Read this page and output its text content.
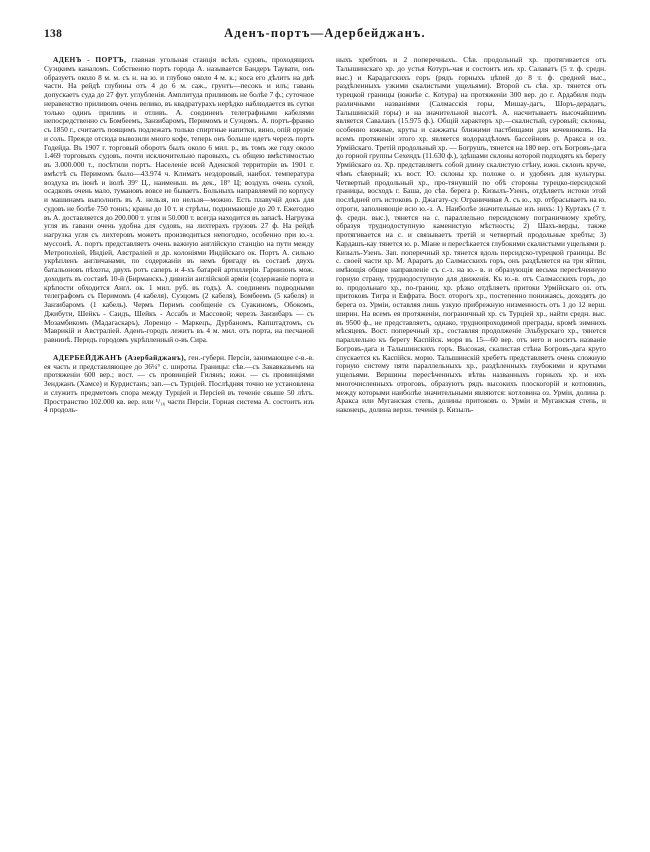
138	Аденъ-портъ—Адербейджанъ.

АДЕНЪ - ПОРТЪ, главная угольная станція всѣхъ судовъ, проходящихъ Суэцкимъ каналомъ. Собственно портъ города А. называется Бандеръ Таувати, онъ образуетъ около 8 м. м. съ н. на ю. и глубоко около 4 м. к.; коса его дѣлитъ на двѣ части. На рейдѣ глубины отъ 4 до 6 м. саж., грунтъ—песокъ и илъ; гавань допускаетъ суда до 27 фут. углубленія. Амплитуда приливовъ не болѣе 7 ф.; суточное неравенство приливовъ очень велико, въ квадратурахъ нерѣдко наблюдается въ сутки только одинъ приливъ и отливъ. А. соединенъ телеграфными кабелями непосредственно съ Бомбеемъ, Занзибаромъ, Перимомъ и Суэцомъ. А. портъ-франко съ 1850 г., считаетъ поящимъ подлежатъ только спиртные напитки, вино, опій оружіе и соль. Прежде отсюда вывозили много кофе, теперь онъ больше идетъ черезъ портъ Годейда. Въ 1907 г. торговый оборотъ былъ около 6 мил. р., въ томъ же году около 1.469 торговыхъ судовъ, почти исключительно паровыхъ, съ общею вмѣстимостью въ 3.000.000 т., посѣтили портъ. Населеніе всей Аденской территоріи въ 1901 г. вмѣстѣ съ Перимомъ было—43.974 ч. Климатъ нездоровый, наибол. температура воздуха въ іюнѣ и іюлѣ 39° Ц., наименьш. въ дек., 18° Ц; воздухъ очень сухой, осадковъ очень мало, тумановъ вовсе не бываетъ. Больныхъ направляемй по корпусу и машинамъ выполнить въ А. нельзя, но нельзя—можно. Есть плавучій докъ для судовъ не болѣе 750 тоннъ; краны до 10 т. и стрѣлы, поднимающіе до 20 т. Ежегодно въ А. доставляется до 200.000 т. угля и 50.000 т. всегда находится въ запасѣ. Нагрузка угля въ гавани очень удобна для судовъ, на лихтерахъ грузовъ 27 ф. На рейдѣ нагрузка угля съ лихтеровъ можетъ производиться непогодно, особенно при ю.-з. муссонѣ. А. портъ представляетъ очень важную англійскую станцію на пути между Метрополіей, Индіей, Австраліей и др. колоніями Индійскаго ок. Портъ А. сильно укрѣпленъ англичанами, по содержаніи въ немъ бригаду въ составѣ двухъ батальоновъ пѣхоты, двухъ ротъ саперъ и 4-хъ батарей артиллеріи. Гарнизонъ мож. доходить въ составѣ 10-й (Бирманскъ.) дивизіи англійской арміи (содержаніе порта и крѣпости обходится Англ. ок. 1 мил. руб. въ годъ). А. соединенъ подводными телеграфомъ съ Перимомъ (4 кабеля), Суэцомъ (2 кабеля), Бомбеемъ (5 кабеля) и Занзибаромъ (1 кабель). Чермъ Перимъ сообщеніе съ Суакиномъ, Обокомъ, Джибути, Шейкъ - Саидъ, Шейкъ - Ассабъ и Массовой; черезъ Занзибаръ — съ Мозамбикомъ (Мадагаскаръ), Лоренцо - Маркецъ, Дурбаномъ, Капштадтомъ, съ Маврикій и Австраліей. Аденъ-городъ лежитъ въ 4 м. мил. отъ порта, на песчаной равнинѣ. Передъ городомъ укрѣпленный о-въ Сира.

АДЕРБЕЙДЖАНЪ (Азербайджанъ), ген.-губерн. Персіи, занимающее с-в.-в. ея часть и представляющее до 36¼° с. широты. Границы: сѣв.—съ Закавказьемъ на протяженіи 600 вер.; вост. — съ провинціей Гилянъ; южн. — съ провинціями Зенджанъ (Хамсе) и Курдистанъ; зап.—съ Турціей. Послѣдняя точно не установлена и служитъ предметомъ спора между Турціей и Персіей въ теченіе свыше 50 лѣтъ. Пространство 102.000 кв. вер. или ¹/₁₆ части Персіи. Горная система А. состоитъ изъ 4 продоль-

ныхъ хребтовъ и 2 поперечныхъ. Сѣв. продольный хр. протягивается отъ Талышинскаго хр. до устья Котуръ-чая и состоитъ изъ хр. Салаватъ (5 т. ф. средн. выс.) и Карадагскихъ горъ (рядъ горныхъ цѣпей до 8 т. ф. средней выс., раздѣленныхъ узкими скалистыми ущельями). Второй съ сѣв. хр. тянется отъ турецкой границы (южнѣе с. Котура) на протяженіи 300 вер. до г. Ардабиля подъ различными названіями (Салмасскія горы, Мишау-дагъ, Шоръ-дерадагъ, Талышинскій горы) и на значительной высотѣ. А. насчитываетъ высочайшимъ является Саваланъ (15.975 ф.). Общій характеръ хр.—скалистый, суровый; склоны, особенно южные, круты и сажжаты ближими пастбищами для кочевниковъ. На всемъ протяженіи этого хр. является водораздѣломъ бассейновъ р. Аракса и оз. Урмійскаго. Третій продольный хр. — Богрушъ, тянется на 180 вер. отъ Богровъ-дага до горной группы Сехендъ (11.630 ф.), здѣшами склоны которой подходятъ къ берегу Урмійскаго оз. Хр. представляетъ собой длину скалистую стѣну, южн. склонъ круче, чѣмъ сѣверный; къ вост. Ю. склоны хр. положе о. и удобенъ для культуры. Четвертый продольный хр., про-тянувшій по обѣ стороны турецко-персидской границы, восходъ г. Баша, до сѣв. берега р. Кизылъ-Узенъ, отдѣляетъ истоки этой послѣдней отъ истоковъ р. Джагату-су. Ограничивая А. съ ю., хр. отбрасываетъ на ю. отроги, заполняющіе всю ю.-з. А. Наиболѣе значительные изъ нихъ: 1) Куртакъ (7 т. ф. средн. выс.), тянется на с. параллельно персидскому пограничному хребту, образуя труднодоступную каменистую мѣстность; 2) Шахъ-верды, также протягивается на с. и связываетъ третій и четвертый продольные хребты; 3) Кардашъ-кау тянется ю. р. Міане и пересѣкается глубокими скалистыми ущельями р. Кизылъ-Узенъ. Зап. поперечный хр. тянется вдоль персидско-турецкой границы. Вс с. своей части хр. М. Араратъ до Салмасскихъ горъ, онъ раздѣляется на три яйтви, имѣющія общее направленіе съ с.-з. на ю.- в. и образующія весьма пересѣченную горную страну, труднодоступную для движенія. Къ ю.-в. отъ Салмасскихъ горъ, до ю. продольнаго хр., по-границ. хр. рѣзко отдѣляетъ притоки Урмійскаго оз. отъ притоковъ Тигра и Евфрата. Вост. оторогъ хр., постепенно понижаясь, доходятъ до берега оз. Урміи, оставляя лишь узкую прибрежную низменность отъ 1 до 12 верш. ширин. На всемъ ея протяженіи, пограничный хр. съ Турціей хр., найти средн. выс. въ 9500 ф., не представляетъ, однако, труднопроходимой преграды, кромѣ зимнихъ мѣсяцевъ. Вост. поперечный хр., составляя продолженіе Эльбурскаго хр., тянется параллельно къ берегу Каспійск. моря въ 15—60 вер. отъ него и носитъ названіе Богровъ-дага и Талышинскихъ горъ. Высокая, скалистая стѣна Богровъ-дага круто спускается къ Каспійск. морю. Талышинскій хребетъ представляетъ очень сложную горную систему пяти параллельныхъ хр., раздѣленныхъ глубокими и крутыми ущельями. Вершины пересѣченныхъ вѣтвь названныхъ горныхъ хр. и ихъ многочисленныхъ отроговъ, образуютъ рядъ высокихъ плоскогорій и котловинъ, между которыми наиболѣе значительными являются: котловина оз. Урміи, долина р. Аракса или Муганская степь, долины притоковъ о. Урміи и Муганская степь, и наконецъ, долина верхн. теченія р. Кизылъ-
